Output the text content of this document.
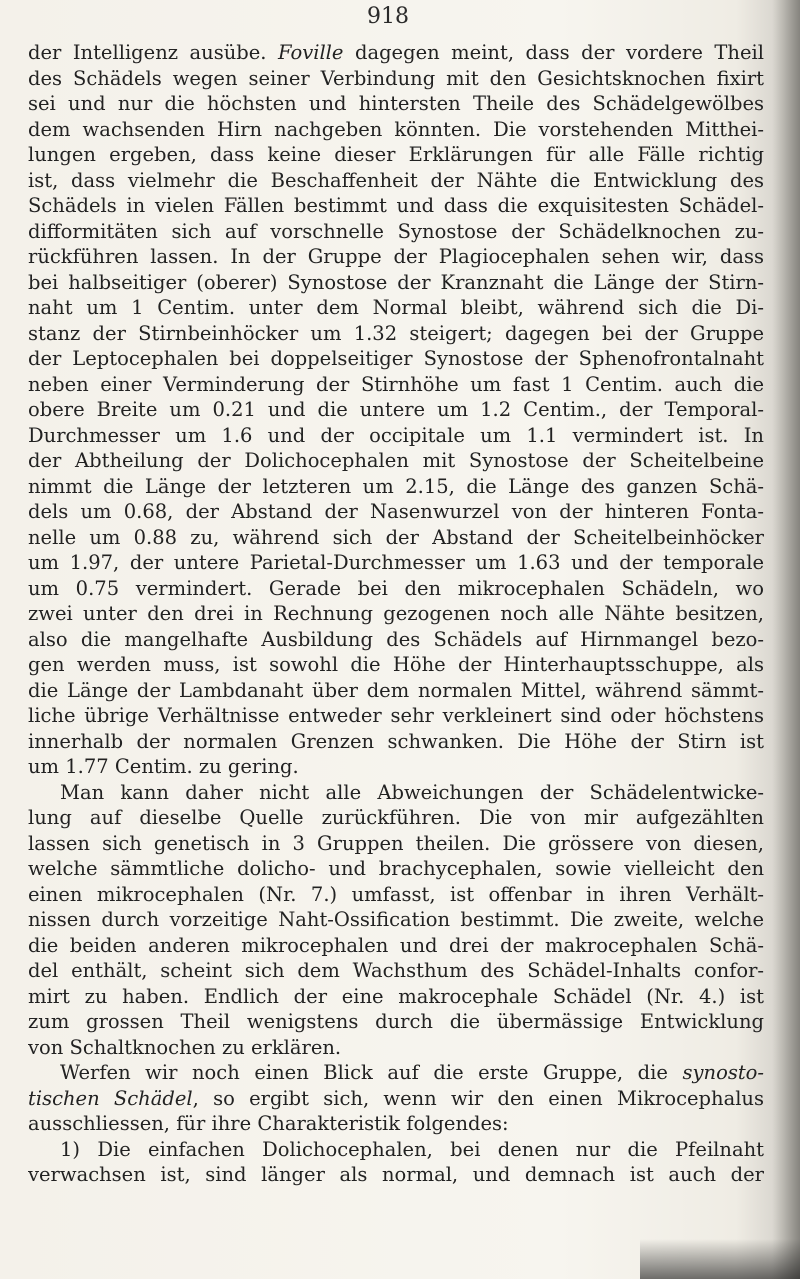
918
der Intelligenz ausübe. Foville dagegen meint, dass der vordere Theil
des Schädels wegen seiner Verbindung mit den Gesichtsknochen fixirt
sei und nur die höchsten und hintersten Theile des Schädelgewölbes
dem wachsenden Hirn nachgeben könnten. Die vorstehenden Mitthei-
lungen ergeben, dass keine dieser Erklärungen für alle Fälle richtig
ist, dass vielmehr die Beschaffenheit der Nähte die Entwicklung des
Schädels in vielen Fällen bestimmt und dass die exquisitesten Schädel-
difformitäten sich auf vorschnelle Synostose der Schädelknochen zu-
rückführen lassen. In der Gruppe der Plagiocephalen sehen wir, dass
bei halbseitiger (oberer) Synostose der Kranznaht die Länge der Stirn-
naht um 1 Centim. unter dem Normal bleibt, während sich die Di-
stanz der Stirnbeinhöcker um 1.32 steigert; dagegen bei der Gruppe
der Leptocephalen bei doppelseitiger Synostose der Sphenofrontalnaht
neben einer Verminderung der Stirnhöhe um fast 1 Centim. auch die
obere Breite um 0.21 und die untere um 1.2 Centim., der Temporal-
Durchmesser um 1.6 und der occipitale um 1.1 vermindert ist. In
der Abtheilung der Dolichocephalen mit Synostose der Scheitelbeine
nimmt die Länge der letzteren um 2.15, die Länge des ganzen Schä-
dels um 0.68, der Abstand der Nasenwurzel von der hinteren Fonta-
nelle um 0.88 zu, während sich der Abstand der Scheitelbeinhöcker
um 1.97, der untere Parietal-Durchmesser um 1.63 und der temporale
um 0.75 vermindert. Gerade bei den mikrocephalen Schädeln, wo
zwei unter den drei in Rechnung gezogenen noch alle Nähte besitzen,
also die mangelhafte Ausbildung des Schädels auf Hirnmangel bezo-
gen werden muss, ist sowohl die Höhe der Hinterhauptsschuppe, als
die Länge der Lambdanaht über dem normalen Mittel, während sämmt-
liche übrige Verhältnisse entweder sehr verkleinert sind oder höchstens
innerhalb der normalen Grenzen schwanken. Die Höhe der Stirn ist
um 1.77 Centim. zu gering.
Man kann daher nicht alle Abweichungen der Schädelentwicke-
lung auf dieselbe Quelle zurückführen. Die von mir aufgezählten
lassen sich genetisch in 3 Gruppen theilen. Die grössere von diesen,
welche sämmtliche dolicho- und brachycephalen, sowie vielleicht den
einen mikrocephalen (Nr. 7.) umfasst, ist offenbar in ihren Verhält-
nissen durch vorzeitige Naht-Ossification bestimmt. Die zweite, welche
die beiden anderen mikrocephalen und drei der makrocephalen Schä-
del enthält, scheint sich dem Wachsthum des Schädel-Inhalts confor-
mirt zu haben. Endlich der eine makrocephale Schädel (Nr. 4.) ist
zum grossen Theil wenigstens durch die übermässige Entwicklung
von Schaltknochen zu erklären.
Werfen wir noch einen Blick auf die erste Gruppe, die synosto-
tischen Schädel, so ergibt sich, wenn wir den einen Mikrocephalus
ausschliessen, für ihre Charakteristik folgendes:
1) Die einfachen Dolichocephalen, bei denen nur die Pfeilnaht
verwachsen ist, sind länger als normal, und demnach ist auch der
